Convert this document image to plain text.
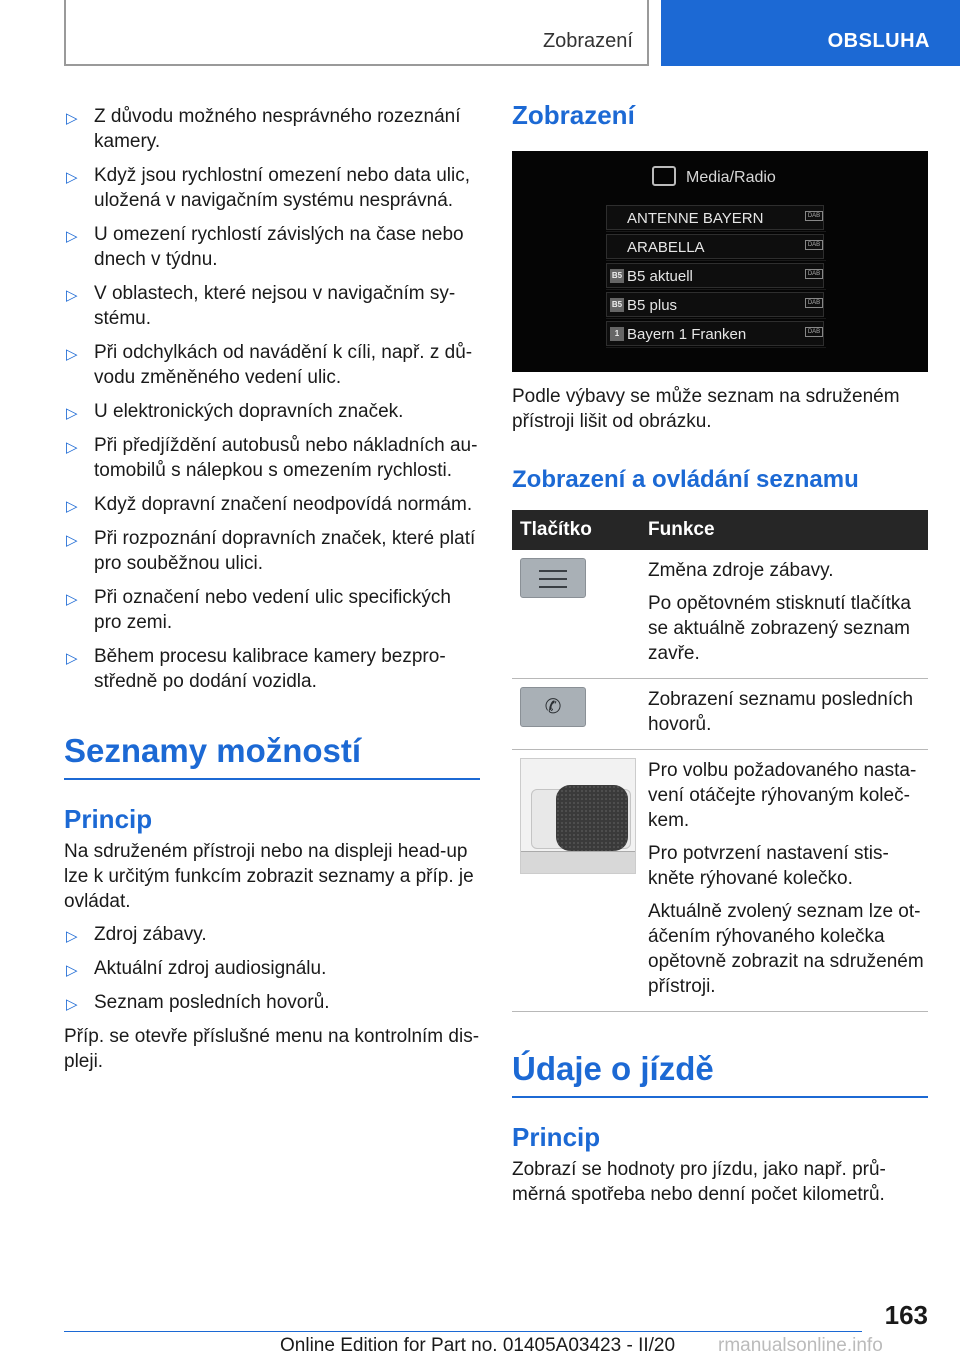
Zobrazení	OBSLUHA
▷ Z důvodu možného nesprávného rozeznání kamery.
▷ Když jsou rychlostní omezení nebo data ulic, uložená v navigačním systému nesprávná.
▷ U omezení rychlostí závislých na čase nebo dnech v týdnu.
▷ V oblastech, které nejsou v navigačním systému.
▷ Při odchylkách od navádění k cíli, např. z důvodu změněného vedení ulic.
▷ U elektronických dopravních značek.
▷ Při předjíždění autobusů nebo nákladních automobilů s nálepkou s omezením rychlosti.
▷ Když dopravní značení neodpovídá normám.
▷ Při rozpoznání dopravních značek, které platí pro souběžnou ulici.
▷ Při označení nebo vedení ulic specifických pro zemi.
▷ Během procesu kalibrace kamery bezprostředně po dodání vozidla.
Seznamy možností
Princip

Na sdruženém přístroji nebo na displeji head-up lze k určitým funkcím zobrazit seznamy a příp. je ovládat.

▷ Zdroj zábavy.
▷ Aktuální zdroj audiosignálu.
▷ Seznam posledních hovorů.

Příp. se otevře příslušné menu na kontrolním displeji.

Zobrazení
Media/Radio
ANTENNE BAYERN
ARABELLA
B5 B5 aktuell
B5 B5 plus
1 Bayern 1 Franken
DAB
DAB
DAB
DAB
DAB

Podle výbavy se může seznam na sdruženém přístroji lišit od obrázku.

Zobrazení a ovládání seznamu
Tlačítko	Funkce

	Změna zdroje zábavy.

Po opětovném stisknutí tlačítka se aktuálně zobrazený seznam zavře.

✆	Zobrazení seznamu posledních hovorů.

	Pro volbu požadovaného nastavení otáčejte rýhovaným kolečkem.

Pro potvrzení nastavení stiskněte rýhované kolečko.

Aktuálně zvolený seznam lze otáčením rýhovaného kolečka opětovně zobrazit na sdruženém přístroji.

Údaje o jízdě
Princip

Zobrazí se hodnoty pro jízdu, jako např. průměrná spotřeba nebo denní počet kilometrů.

163
Online Edition for Part no. 01405A03423 - II/20 rmanualsonline.info
